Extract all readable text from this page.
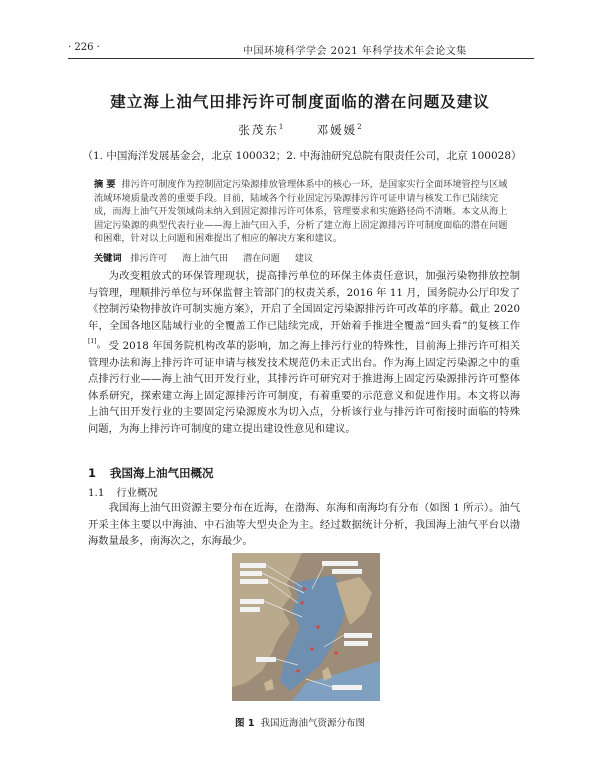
· 226 ·	中国环境科学学会 2021 年科学技术年会论文集
建立海上油气田排污许可制度面临的潜在问题及建议
张茂东$^1$	邓媛媛$^2$
（1. 中国海洋发展基金会，北京 100032；2. 中海油研究总院有限责任公司，北京 100028）
摘 要 排污许可制度作为控制固定污染源排放管理体系中的核心一环，是国家实行全面环境管控与区域流域环境质量改善的重要手段。目前，陆域各个行业固定污染源排污许可证申请与核发工作已陆续完成，而海上油气开发领域尚未纳入到固定源排污许可体系，管理要求和实施路径尚不清晰。本文从海上固定污染源的典型代表行业——海上油气田入手，分析了建立海上固定源排污许可制度面临的潜在问题和困难，针对以上问题和困难提出了相应的解决方案和建议。
关键词 排污许可 海上油气田 潜在问题 建议
为改变粗放式的环保管理现状，提高排污单位的环保主体责任意识，加强污染物排放控制与管理，理顺排污单位与环保监督主管部门的权责关系，2016 年 11 月，国务院办公厅印发了《控制污染物排放许可制实施方案》，开启了全国固定污染源排污许可改革的序幕。截止 2020 年，全国各地区陆域行业的全覆盖工作已陆续完成，开始着手推进全覆盖“回头看”的复核工作[1]。 受 2018 年国务院机构改革的影响，加之海上排污行业的特殊性，目前海上排污许可相关管理办法和海上排污许可证申请与核发技术规范仍未正式出台。作为海上固定污染源之中的重点排污行业——海上油气田开发行业，其排污许可研究对于推进海上固定污染源排污许可整体体系研究，探索建立海上固定源排污许可制度，有着重要的示范意义和促进作用。本文将以海上油气田开发行业的主要固定污染源废水为切入点，分析该行业与排污许可衔接时面临的特殊问题，为海上排污许可制度的建立提出建设性意见和建议。
1 我国海上油气田概况
1.1 行业概况
我国海上油气田资源主要分布在近海，在渤海、东海和南海均有分布（如图 1 所示）。油气开采主体主要以中海油、中石油等大型央企为主。经过数据统计分析，我国海上油气平台以渤海数量最多，南海次之，东海最少。
图 1 我国近海油气资源分布图
